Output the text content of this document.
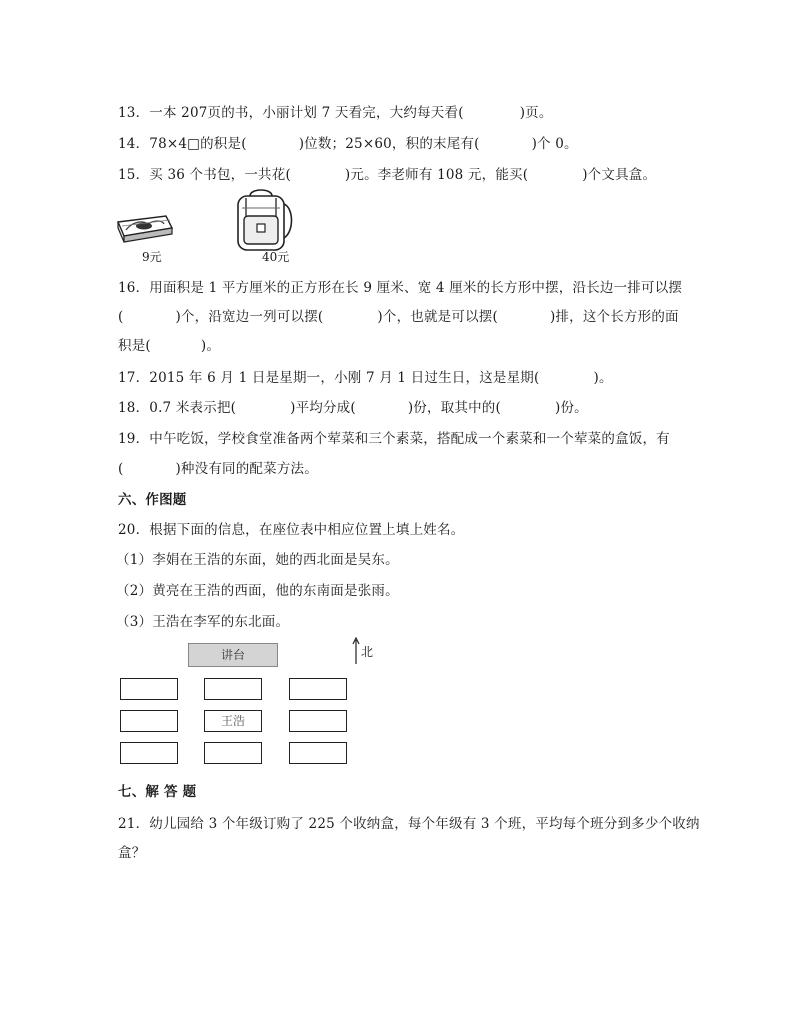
13．一本 207页的书，小丽计划 7 天看完，大约每天看(	)页。
14．78×4□的积是(	)位数；25×60，积的末尾有(	)个 0。
15．买 36 个书包，一共花(	)元。李老师有 108 元，能买(	)个文具盒。
9元	40元
16．用面积是 1 平方厘米的正方形在长 9 厘米、宽 4 厘米的长方形中摆，沿长边一排可以摆
(	)个，沿宽边一列可以摆(	)个，也就是可以摆(	)排，这个长方形的面
积是(	)。
17．2015 年 6 月 1 日是星期一，小刚 7 月 1 日过生日，这是星期(	)。
18．0.7 米表示把(	)平均分成(	)份，取其中的(	)份。
19．中午吃饭，学校食堂准备两个荤菜和三个素菜，搭配成一个素菜和一个荤菜的盒饭，有
(	)种没有同的配菜方法。
六、作图题
20．根据下面的信息，在座位表中相应位置上填上姓名。
（1）李娟在王浩的东面，她的西北面是吴东。
（2）黄亮在王浩的西面，他的东南面是张雨。
（3）王浩在李军的东北面。
讲台	北
王浩
七、解 答 题
21．幼儿园给 3 个年级订购了 225 个收纳盒，每个年级有 3 个班，平均每个班分到多少个收纳
盒？
